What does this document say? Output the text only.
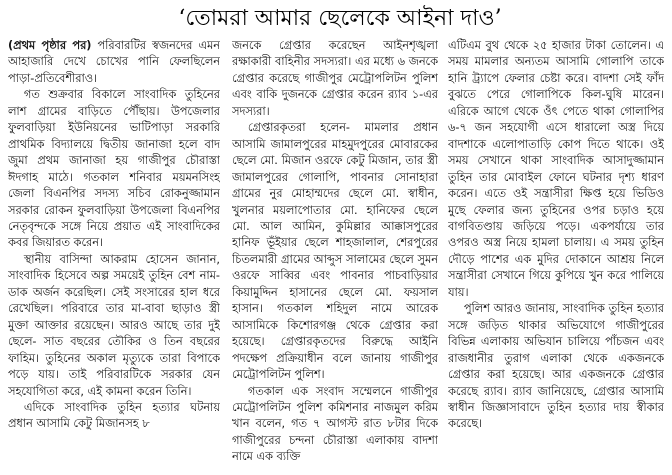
‘তোমরা আমার ছেলেকে আইনা দাও’

(প্রথম পৃষ্ঠার পর) পরিবারটির স্বজনদের এমন আহাজারি দেখে চোখের পানি ফেলছিলেন পাড়া-প্রতিবেশীরাও।

গত শুক্রবার বিকালে সাংবাদিক তুহিনের লাশ গ্রামের বাড়িতে পৌঁছায়। উপজেলার ফুলবাড়িয়া ইউনিয়নের ভাটিপাড়া সরকারি প্রাথমিক বিদ্যালয়ে দ্বিতীয় জানাজা হলে বাদ জুমা প্রথম জানাজা হয় গাজীপুর চৌরাস্তা ঈদগাহ মাঠে। গতকাল শনিবার ময়মনসিংহ জেলা বিএনপির সদস্য সচিব রোকনুজ্জামান সরকার রোকন ফুলবাড়িয়া উপজেলা বিএনপির নেতৃবৃন্দকে সঙ্গে নিয়ে প্রয়াত এই সাংবাদিকের কবর জিয়ারত করেন।

স্থানীয় বাসিন্দা আকরাম হোসেন জানান, সাংবাদিক হিসেবে অল্প সময়েই তুহিন বেশ নাম-ডাক অর্জন করেছিল। সেই সংসারের হাল ধরে রেখেছিল। পরিবারে তার মা-বাবা ছাড়াও স্ত্রী মুক্তা আক্তার রয়েছেন। আরও আছে তার দুই ছেলে- সাত বছরের তৌকির ও তিন বছরের ফাহিম। তুহিনের অকাল মৃত্যুকে তারা বিপাকে পড়ে যায়। তাই পরিবারটিকে সরকার যেন সহযোগিতা করে, এই কামনা করেন তিনি।

এদিকে সাংবাদিক তুহিন হত্যার ঘটনায় প্রধান আসামি কেটু মিজানসহ ৮

জনকে গ্রেপ্তার করেছেন আইনশৃঙ্খলা রক্ষাকারী বাহিনীর সদস্যরা। এর মধ্যে ৬ জনকে গ্রেপ্তার করেছে গাজীপুর মেট্রোপলিটন পুলিশ এবং বাকি দুজনকে গ্রেপ্তার করেন র‍্যাব ১-এর সদস্যরা।

গ্রেপ্তারকৃতরা হলেন- মামলার প্রধান আসামি জামালপুরের মাহমুদপুরের মোবারকের ছেলে মো. মিজান ওরফে কেটু মিজান, তার স্ত্রী জামালপুরের গোলাপি, পাবনার সোনাহারা গ্রামের নুর মোহাম্মদের ছেলে মো. স্বাধীন, খুলনার ময়লাপোতার মো. হানিফের ছেলে মো. আল আমিন, কুমিল্লার আক্কাসপুরের হানিফ ভূঁইয়ার ছেলে শাহজালাল, শেরপুরের চিতলমারী গ্রামের আব্দুস সালামের ছেলে সুমন ওরফে সাব্বির এবং পাবনার পাচবাড়িয়ার কিয়ামুদ্দিন হাসানের ছেলে মো. ফয়সাল হাসান। গতকাল শহিদুল নামে আরেক আসামিকে কিশোরগঞ্জ থেকে গ্রেপ্তার করা হয়েছে। গ্রেপ্তারকৃতদের বিরুদ্ধে আইনি পদক্ষেপ প্রক্রিয়াধীন বলে জানায় গাজীপুর মেট্রোপলিটন পুলিশ।

গতকাল এক সংবাদ সম্মেলনে গাজীপুর মেট্রোপলিটন পুলিশ কমিশনার নাজমুল করিম খান বলেন, গত ৭ আগস্ট রাত ৮টার দিকে গাজীপুরের চন্দনা চৌরাস্তা এলাকায় বাদশা নামে এক ব্যক্তি

এটিএম বুথ থেকে ২৫ হাজার টাকা তোলেন। এ সময় মামলার অন্যতম আসামি গোলাপি তাকে হানি ট্র্যাপে ফেলার চেষ্টা করে। বাদশা সেই ফাঁদ বুঝতে পেরে গোলাপিকে কিল-ঘুষি মারেন। এরিকে আগে থেকে ওঁৎ পেতে থাকা গোলাপির ৬-৭ জন সহযোগী এসে ধারালো অস্ত্র দিয়ে বাদশাকে এলোপাতাড়ি কোপ দিতে থাকে। ওই সময় সেখানে থাকা সাংবাদিক আসাদুজ্জামান তুহিন তার মোবাইল ফোনে ঘটনার দৃশ্য ধারণ করেন। এতে ওই সন্ত্রাসীরা ক্ষিপ্ত হয়ে ভিডিও মুছে ফেলার জন্য তুহিনের ওপর চড়াও হয়ে বাগবিতণ্ডায় জড়িয়ে পড়ে। একপর্যায়ে তার ওপরও অস্ত্র নিয়ে হামলা চালায়। এ সময় তুহিন দৌড়ে পাশের এক মুদির দোকানে আশ্রয় নিলে সন্ত্রাসীরা সেখানে গিয়ে কুপিয়ে খুন করে পালিয়ে যায়।

পুলিশ আরও জানায়, সাংবাদিক তুহিন হত্যার সঙ্গে জড়িত থাকার অভিযোগে গাজীপুরের বিভিন্ন এলাকায় অভিযান চালিয়ে পাঁচজন এবং রাজধানীর তুরাগ এলাকা থেকে একজনকে গ্রেপ্তার করা হয়েছে। আর একজনকে গ্রেপ্তার করেছে র‍্যাব। র‍্যাব জানিয়েছে, গ্রেপ্তার আসামি স্বাধীন জিজ্ঞাসাবাদে তুহিন হত্যার দায় স্বীকার করেছে।
